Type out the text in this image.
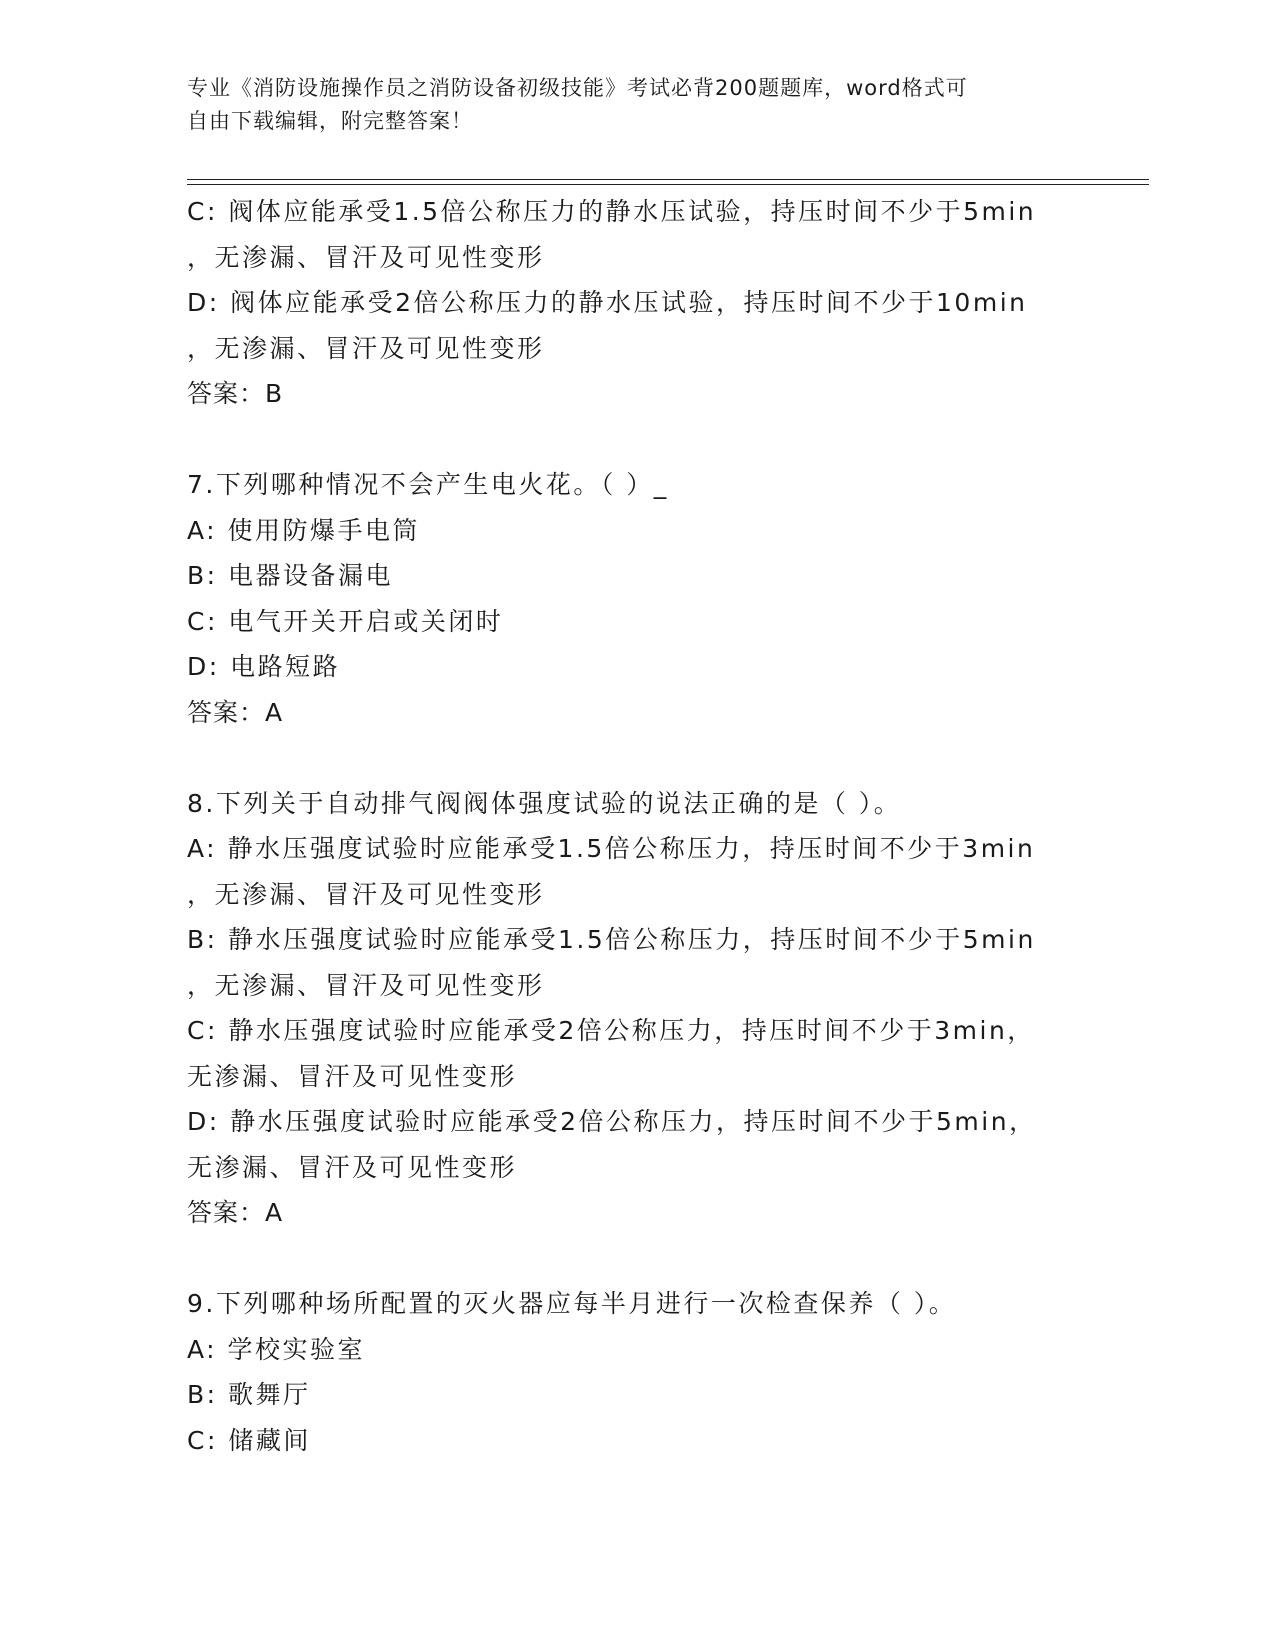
专业《消防设施操作员之消防设备初级技能》考试必背200题题库，word格式可
自由下载编辑，附完整答案！
C: 阀体应能承受1.5倍公称压力的静水压试验，持压时间不少于5min
，无渗漏、冒汗及可见性变形
D: 阀体应能承受2倍公称压力的静水压试验，持压时间不少于10min
，无渗漏、冒汗及可见性变形
答案：B
7.下列哪种情况不会产生电火花。（ ）_
A: 使用防爆手电筒
B: 电器设备漏电
C: 电气开关开启或关闭时
D: 电路短路
答案：A
8.下列关于自动排气阀阀体强度试验的说法正确的是（ ）。
A: 静水压强度试验时应能承受1.5倍公称压力，持压时间不少于3min
，无渗漏、冒汗及可见性变形
B: 静水压强度试验时应能承受1.5倍公称压力，持压时间不少于5min
，无渗漏、冒汗及可见性变形
C: 静水压强度试验时应能承受2倍公称压力，持压时间不少于3min，
无渗漏、冒汗及可见性变形
D: 静水压强度试验时应能承受2倍公称压力，持压时间不少于5min，
无渗漏、冒汗及可见性变形
答案：A
9.下列哪种场所配置的灭火器应每半月进行一次检查保养（ ）。
A: 学校实验室
B: 歌舞厅
C: 储藏间
